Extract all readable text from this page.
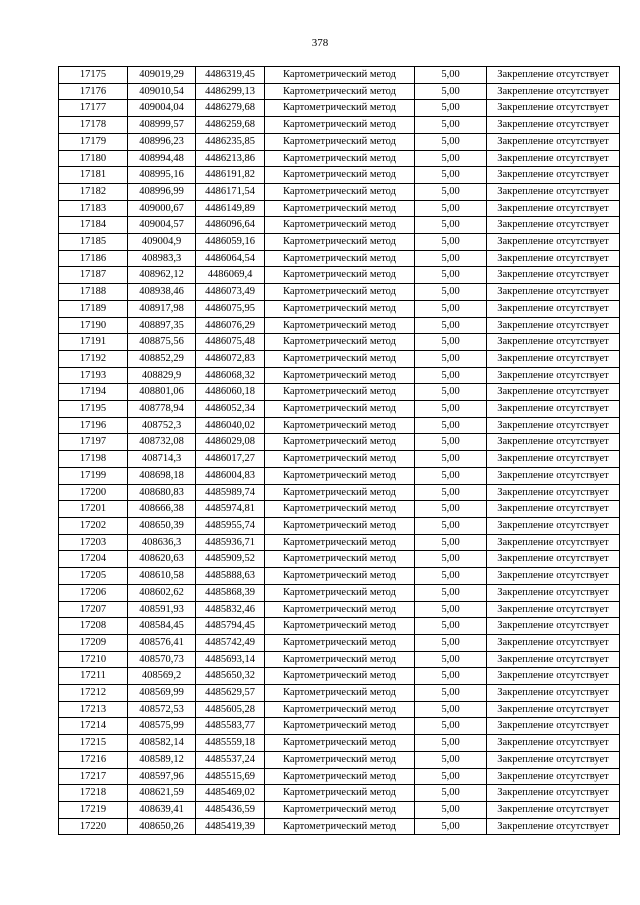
378
17175	409019,29	4486319,45	Картометрический метод	5,00	Закрепление отсутствует
17176	409010,54	4486299,13	Картометрический метод	5,00	Закрепление отсутствует
17177	409004,04	4486279,68	Картометрический метод	5,00	Закрепление отсутствует
17178	408999,57	4486259,68	Картометрический метод	5,00	Закрепление отсутствует
17179	408996,23	4486235,85	Картометрический метод	5,00	Закрепление отсутствует
17180	408994,48	4486213,86	Картометрический метод	5,00	Закрепление отсутствует
17181	408995,16	4486191,82	Картометрический метод	5,00	Закрепление отсутствует
17182	408996,99	4486171,54	Картометрический метод	5,00	Закрепление отсутствует
17183	409000,67	4486149,89	Картометрический метод	5,00	Закрепление отсутствует
17184	409004,57	4486096,64	Картометрический метод	5,00	Закрепление отсутствует
17185	409004,9	4486059,16	Картометрический метод	5,00	Закрепление отсутствует
17186	408983,3	4486064,54	Картометрический метод	5,00	Закрепление отсутствует
17187	408962,12	4486069,4	Картометрический метод	5,00	Закрепление отсутствует
17188	408938,46	4486073,49	Картометрический метод	5,00	Закрепление отсутствует
17189	408917,98	4486075,95	Картометрический метод	5,00	Закрепление отсутствует
17190	408897,35	4486076,29	Картометрический метод	5,00	Закрепление отсутствует
17191	408875,56	4486075,48	Картометрический метод	5,00	Закрепление отсутствует
17192	408852,29	4486072,83	Картометрический метод	5,00	Закрепление отсутствует
17193	408829,9	4486068,32	Картометрический метод	5,00	Закрепление отсутствует
17194	408801,06	4486060,18	Картометрический метод	5,00	Закрепление отсутствует
17195	408778,94	4486052,34	Картометрический метод	5,00	Закрепление отсутствует
17196	408752,3	4486040,02	Картометрический метод	5,00	Закрепление отсутствует
17197	408732,08	4486029,08	Картометрический метод	5,00	Закрепление отсутствует
17198	408714,3	4486017,27	Картометрический метод	5,00	Закрепление отсутствует
17199	408698,18	4486004,83	Картометрический метод	5,00	Закрепление отсутствует
17200	408680,83	4485989,74	Картометрический метод	5,00	Закрепление отсутствует
17201	408666,38	4485974,81	Картометрический метод	5,00	Закрепление отсутствует
17202	408650,39	4485955,74	Картометрический метод	5,00	Закрепление отсутствует
17203	408636,3	4485936,71	Картометрический метод	5,00	Закрепление отсутствует
17204	408620,63	4485909,52	Картометрический метод	5,00	Закрепление отсутствует
17205	408610,58	4485888,63	Картометрический метод	5,00	Закрепление отсутствует
17206	408602,62	4485868,39	Картометрический метод	5,00	Закрепление отсутствует
17207	408591,93	4485832,46	Картометрический метод	5,00	Закрепление отсутствует
17208	408584,45	4485794,45	Картометрический метод	5,00	Закрепление отсутствует
17209	408576,41	4485742,49	Картометрический метод	5,00	Закрепление отсутствует
17210	408570,73	4485693,14	Картометрический метод	5,00	Закрепление отсутствует
17211	408569,2	4485650,32	Картометрический метод	5,00	Закрепление отсутствует
17212	408569,99	4485629,57	Картометрический метод	5,00	Закрепление отсутствует
17213	408572,53	4485605,28	Картометрический метод	5,00	Закрепление отсутствует
17214	408575,99	4485583,77	Картометрический метод	5,00	Закрепление отсутствует
17215	408582,14	4485559,18	Картометрический метод	5,00	Закрепление отсутствует
17216	408589,12	4485537,24	Картометрический метод	5,00	Закрепление отсутствует
17217	408597,96	4485515,69	Картометрический метод	5,00	Закрепление отсутствует
17218	408621,59	4485469,02	Картометрический метод	5,00	Закрепление отсутствует
17219	408639,41	4485436,59	Картометрический метод	5,00	Закрепление отсутствует
17220	408650,26	4485419,39	Картометрический метод	5,00	Закрепление отсутствует
